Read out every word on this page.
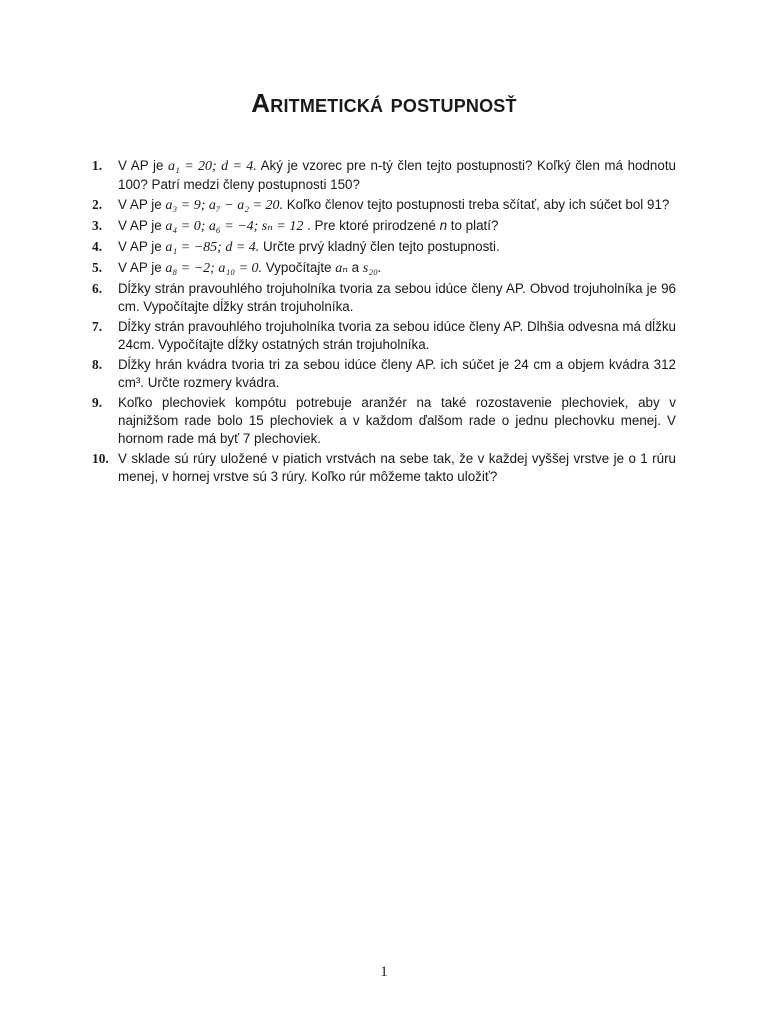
Aritmetická postupnosť
1. V AP je a₁ = 20; d = 4. Aký je vzorec pre n-tý člen tejto postupnosti? Koľký člen má hodnotu 100? Patrí medzi členy postupnosti 150?
2. V AP je a₃ = 9; a₇ − a₂ = 20. Koľko členov tejto postupnosti treba sčítať, aby ich súčet bol 91?
3. V AP je a₄ = 0; a₆ = −4; sₙ = 12 . Pre ktoré prirodzené n to platí?
4. V AP je a₁ = −85; d = 4. Určte prvý kladný člen tejto postupnosti.
5. V AP je a₈ = −2; a₁₀ = 0. Vypočítajte aₙ a s₂₀.
6. Dĺžky strán pravouhlého trojuholníka tvoria za sebou idúce členy AP. Obvod trojuholníka je 96 cm. Vypočítajte dĺžky strán trojuholníka.
7. Dĺžky strán pravouhlého trojuholníka tvoria za sebou idúce členy AP. Dlhšia odvesna má dĺžku 24cm. Vypočítajte dĺžky ostatných strán trojuholníka.
8. Dĺžky hrán kvádra tvoria tri za sebou idúce členy AP. ich súčet je 24 cm a objem kvádra 312 cm³. Určte rozmery kvádra.
9. Koľko plechoviek kompótu potrebuje aranžér na také rozostavenie plechoviek, aby v najnižšom rade bolo 15 plechoviek a v každom ďalšom rade o jednu plechovku menej. V hornom rade má byť 7 plechoviek.
10. V sklade sú rúry uložené v piatich vrstvách na sebe tak, že v každej vyššej vrstve je o 1 rúru menej, v hornej vrstve sú 3 rúry. Koľko rúr môžeme takto uložiť?
1
